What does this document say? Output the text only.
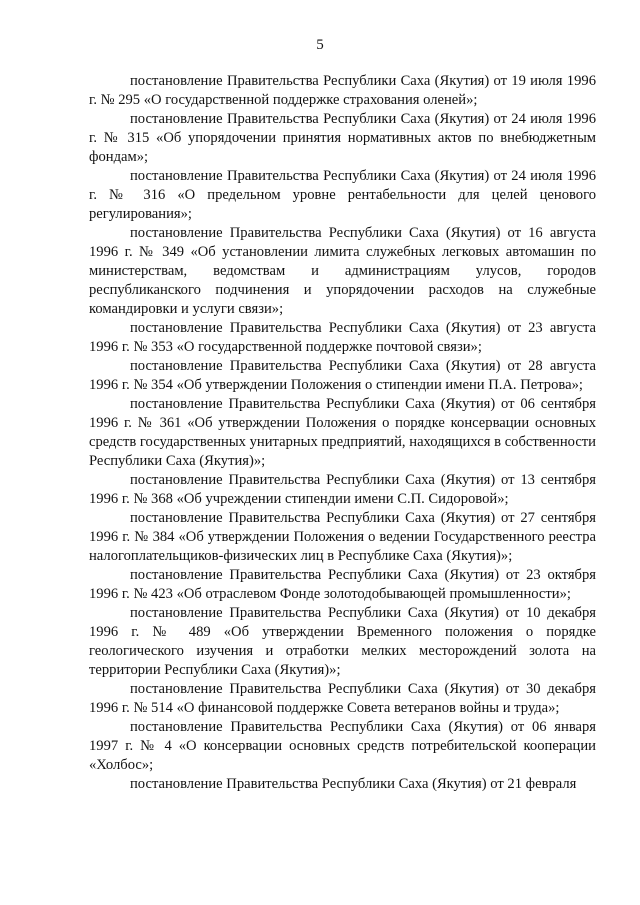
5

постановление Правительства Республики Саха (Якутия) от 19 июля 1996 г. № 295 «О государственной поддержке страхования оленей»;

постановление Правительства Республики Саха (Якутия) от 24 июля 1996 г. № 315 «Об упорядочении принятия нормативных актов по внебюджетным фондам»;

постановление Правительства Республики Саха (Якутия) от 24 июля 1996 г. № 316 «О предельном уровне рентабельности для целей ценового регулирования»;

постановление Правительства Республики Саха (Якутия) от 16 августа 1996 г. № 349 «Об установлении лимита служебных легковых автомашин по министерствам, ведомствам и администрациям улусов, городов республиканского подчинения и упорядочении расходов на служебные командировки и услуги связи»;

постановление Правительства Республики Саха (Якутия) от 23 августа 1996 г. № 353 «О государственной поддержке почтовой связи»;

постановление Правительства Республики Саха (Якутия) от 28 августа 1996 г. № 354 «Об утверждении Положения о стипендии имени П.А. Петрова»;

постановление Правительства Республики Саха (Якутия) от 06 сентября 1996 г. № 361 «Об утверждении Положения о порядке консервации основных средств государственных унитарных предприятий, находящихся в собственности Республики Саха (Якутия)»;

постановление Правительства Республики Саха (Якутия) от 13 сентября 1996 г. № 368 «Об учреждении стипендии имени С.П. Сидоровой»;

постановление Правительства Республики Саха (Якутия) от 27 сентября 1996 г. № 384 «Об утверждении Положения о ведении Государственного реестра налогоплательщиков-физических лиц в Республике Саха (Якутия)»;

постановление Правительства Республики Саха (Якутия) от 23 октября 1996 г. № 423 «Об отраслевом Фонде золотодобывающей промышленности»;

постановление Правительства Республики Саха (Якутия) от 10 декабря 1996 г. № 489 «Об утверждении Временного положения о порядке геологического изучения и отработки мелких месторождений золота на территории Республики Саха (Якутия)»;

постановление Правительства Республики Саха (Якутия) от 30 декабря 1996 г. № 514 «О финансовой поддержке Совета ветеранов войны и труда»;

постановление Правительства Республики Саха (Якутия) от 06 января 1997 г. № 4 «О консервации основных средств потребительской кооперации «Холбос»;

постановление Правительства Республики Саха (Якутия) от 21 февраля
